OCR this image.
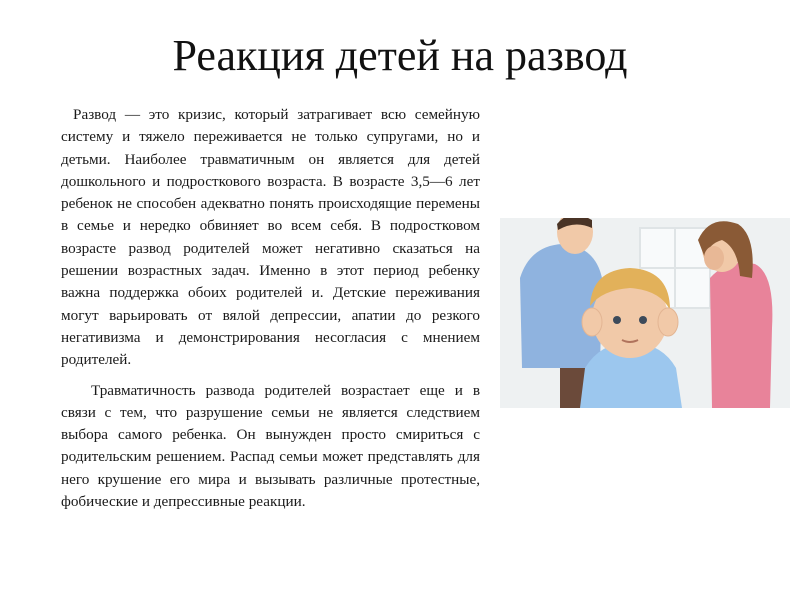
Реакция детей на развод

Развод — это кризис, который затрагивает всю семейную систему и тяжело переживается не только супругами, но и детьми. Наиболее травматичным он является для детей дошкольного и подросткового возраста. В возрасте 3,5—6 лет ребенок не способен адекватно понять происходящие перемены в семье и нередко обвиняет во всем себя. В подростковом возрасте развод родителей может негативно сказаться на решении возрастных задач. Именно в этот период ребенку важна поддержка обоих родителей и. Детские переживания могут варьировать от вялой депрессии, апатии до резкого негативизма и демонстрирования несогласия с мнением родителей.

Травматичность развода родителей возрастает еще и в связи с тем, что разрушение семьи не является следствием выбора самого ребенка. Он вынужден просто смириться с родительским решением. Распад семьи может представлять для него крушение его мира и вызывать различные протестные, фобические и депрессивные реакции.
